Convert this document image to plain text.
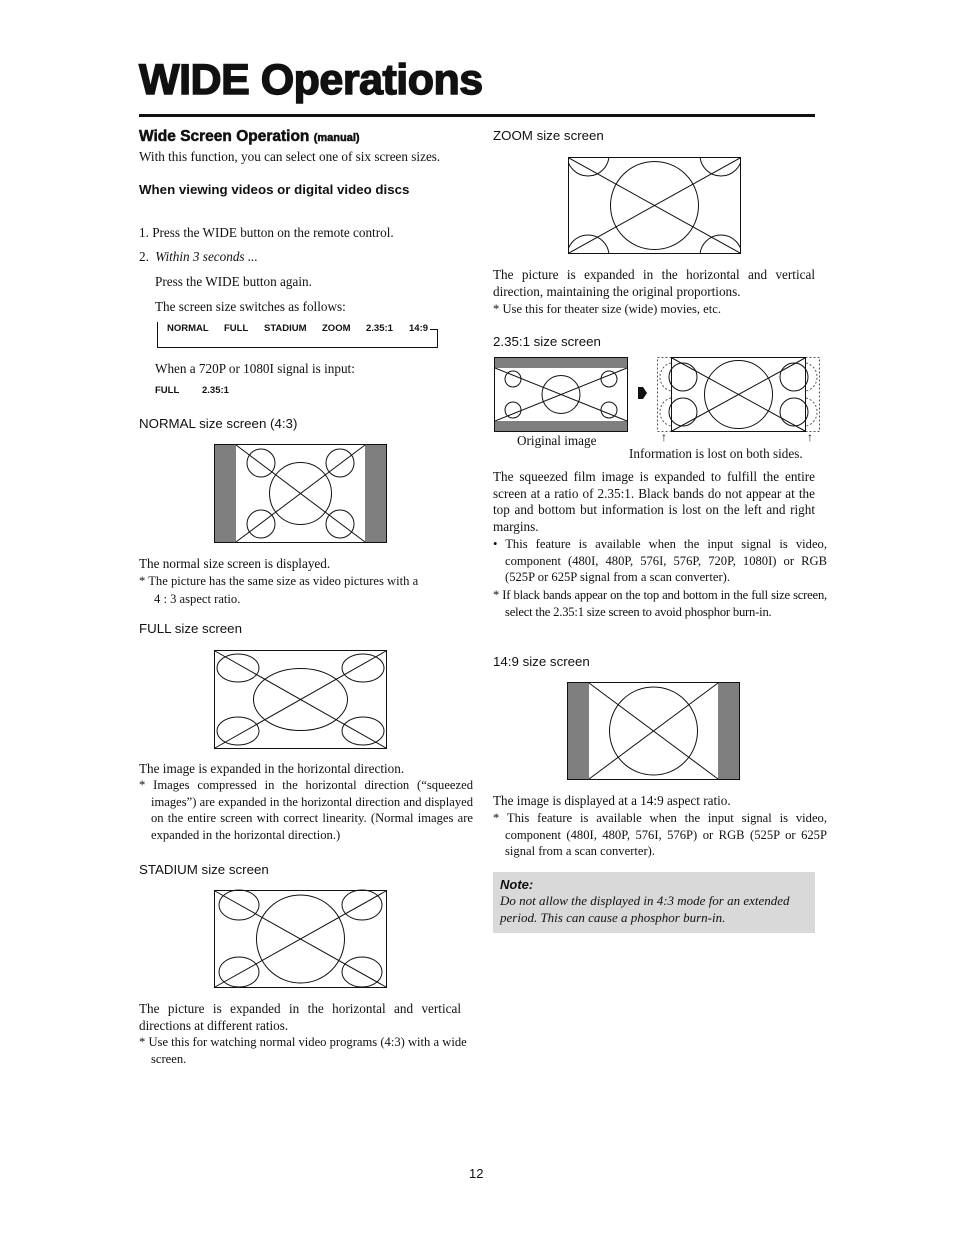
WIDE Operations
Wide Screen Operation (manual)
With this function, you can select one of six screen sizes.
When viewing videos or digital video discs
1. Press the WIDE button on the remote control.
2. Within 3 seconds ...
Press the WIDE button again.
The screen size switches as follows:
NORMAL FULL STADIUM ZOOM 2.35:1 14:9
When a 720P or 1080I signal is input:
FULL 2.35:1
NORMAL size screen (4:3)
The normal size screen is displayed.
* The picture has the same size as video pictures with a
4 : 3 aspect ratio.
FULL size screen
The image is expanded in the horizontal direction.
* Images compressed in the horizontal direction (“squeezed images”) are expanded in the horizontal direction and displayed on the entire screen with correct linearity. (Normal images are expanded in the horizontal direction.)
STADIUM size screen
The picture is expanded in the horizontal and vertical directions at different ratios.
* Use this for watching normal video programs (4:3) with a wide screen.
ZOOM size screen
The picture is expanded in the horizontal and vertical direction, maintaining the original proportions.
* Use this for theater size (wide) movies, etc.
2.35:1 size screen
Original image	↑	↑
Information is lost on both sides.
The squeezed film image is expanded to fulfill the entire screen at a ratio of 2.35:1. Black bands do not appear at the top and bottom but information is lost on the left and right margins.
• This feature is available when the input signal is video, component (480I, 480P, 576I, 576P, 720P, 1080I) or RGB (525P or 625P signal from a scan converter).
* If black bands appear on the top and bottom in the full size screen, select the 2.35:1 size screen to avoid phosphor burn-in.
14:9 size screen
The image is displayed at a 14:9 aspect ratio.
* This feature is available when the input signal is video, component (480I, 480P, 576I, 576P) or RGB (525P or 625P signal from a scan converter).
Note:
Do not allow the displayed in 4:3 mode for an extended period. This can cause a phosphor burn-in.
12
